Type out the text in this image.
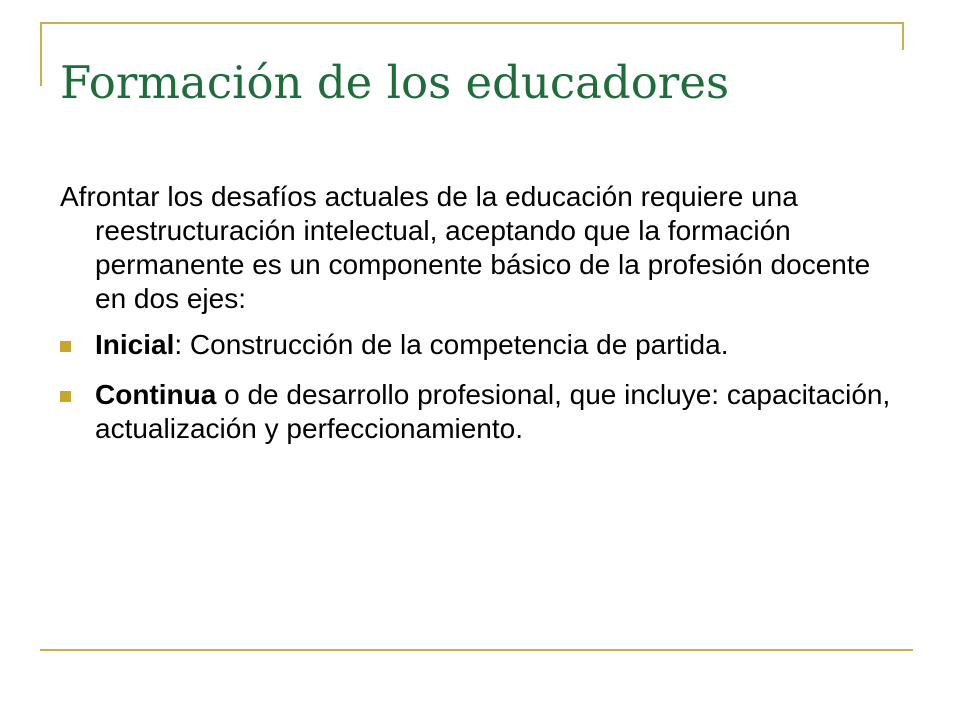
Formación de los educadores

Afrontar los desafíos actuales de la educación requiere una reestructuración intelectual, aceptando que la formación permanente es un componente básico de la profesión docente en dos ejes:

Inicial: Construcción de la competencia de partida.
Continua o de desarrollo profesional, que incluye: capacitación, actualización y perfeccionamiento.
